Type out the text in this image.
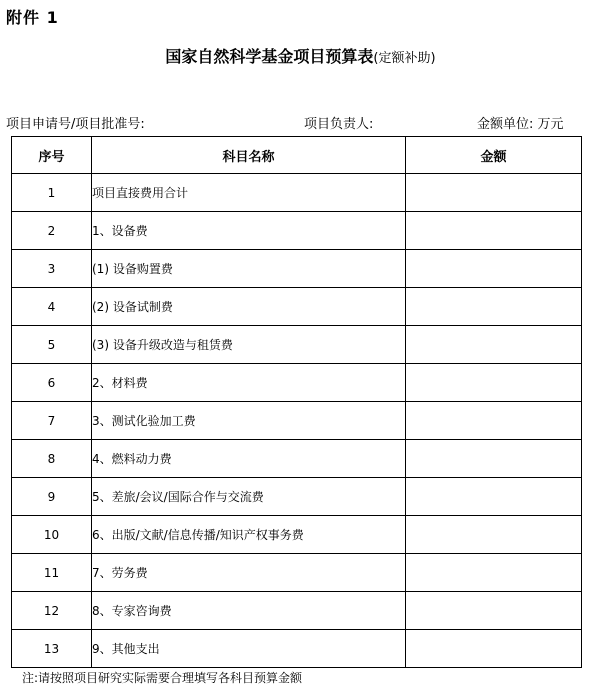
附件 1
国家自然科学基金项目预算表(定额补助)
项目申请号/项目批准号:	项目负责人:	金额单位: 万元
序号	科目名称	金额
1	项目直接费用合计	
2	1、设备费	
3	(1) 设备购置费	
4	(2) 设备试制费	
5	(3) 设备升级改造与租赁费	
6	2、材料费	
7	3、测试化验加工费	
8	4、燃料动力费	
9	5、差旅/会议/国际合作与交流费	
10	6、出版/文献/信息传播/知识产权事务费	
11	7、劳务费	
12	8、专家咨询费	
13	9、其他支出	
注:请按照项目研究实际需要合理填写各科目预算金额
